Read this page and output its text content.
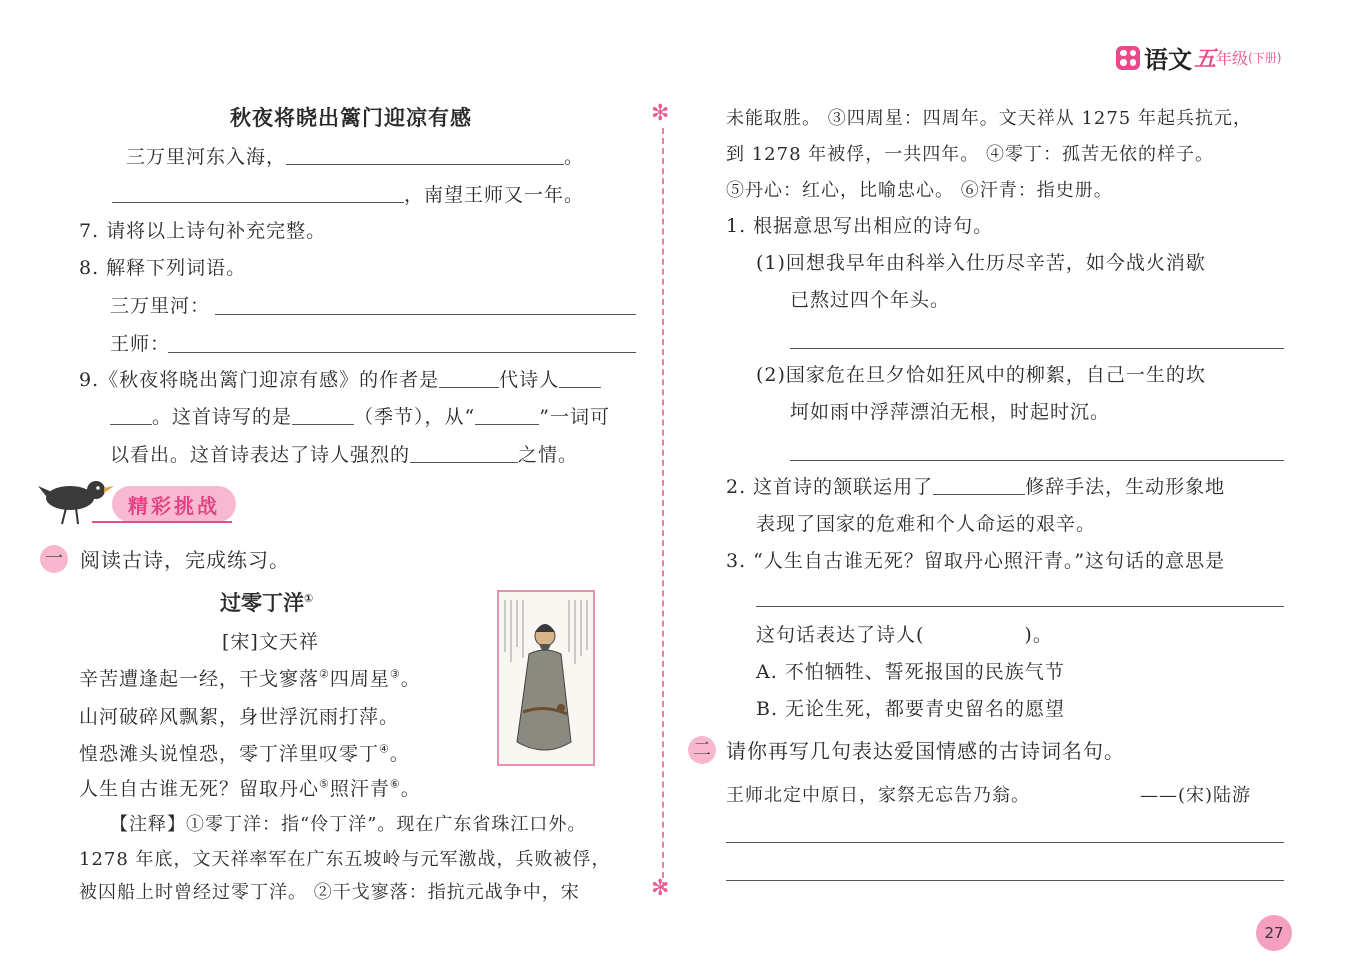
语文 五 年级 (下册)
✻
✻
秋夜将晓出篱门迎凉有感
三万里河东入海，	。
，南望王师又一年。
7. 请将以上诗句补充完整。
8. 解释下列词语。
三万里河：
王师：
9.《秋夜将晓出篱门迎凉有感》的作者是	代诗人
。这首诗写的是	（季节），从“	”一词可
以看出。这首诗表达了诗人强烈的	之情。
精彩挑战
一 阅读古诗，完成练习。
过零丁洋①
[宋]文天祥
辛苦遭逢起一经，干戈寥落②四周星③。
山河破碎风飘絮，身世浮沉雨打萍。
惶恐滩头说惶恐，零丁洋里叹零丁④。
人生自古谁无死？留取丹心⑤照汗青⑥。
【注释】①零丁洋：指“伶丁洋”。现在广东省珠江口外。
1278 年底，文天祥率军在广东五坡岭与元军激战，兵败被俘，
被囚船上时曾经过零丁洋。 ②干戈寥落：指抗元战争中，宋
未能取胜。 ③四周星：四周年。文天祥从 1275 年起兵抗元，
到 1278 年被俘，一共四年。 ④零丁：孤苦无依的样子。
⑤丹心：红心，比喻忠心。 ⑥汗青：指史册。
1. 根据意思写出相应的诗句。
(1)回想我早年由科举入仕历尽辛苦，如今战火消歇
已熬过四个年头。
(2)国家危在旦夕恰如狂风中的柳絮，自己一生的坎
坷如雨中浮萍漂泊无根，时起时沉。
2. 这首诗的颔联运用了	修辞手法，生动形象地
表现了国家的危难和个人命运的艰辛。
3. “人生自古谁无死？留取丹心照汗青。”这句话的意思是
这句话表达了诗人(　　　　　)。
A. 不怕牺牲、誓死报国的民族气节
B. 无论生死，都要青史留名的愿望
二 请你再写几句表达爱国情感的古诗词名句。
王师北定中原日，家祭无忘告乃翁。	——(宋)陆游
27
